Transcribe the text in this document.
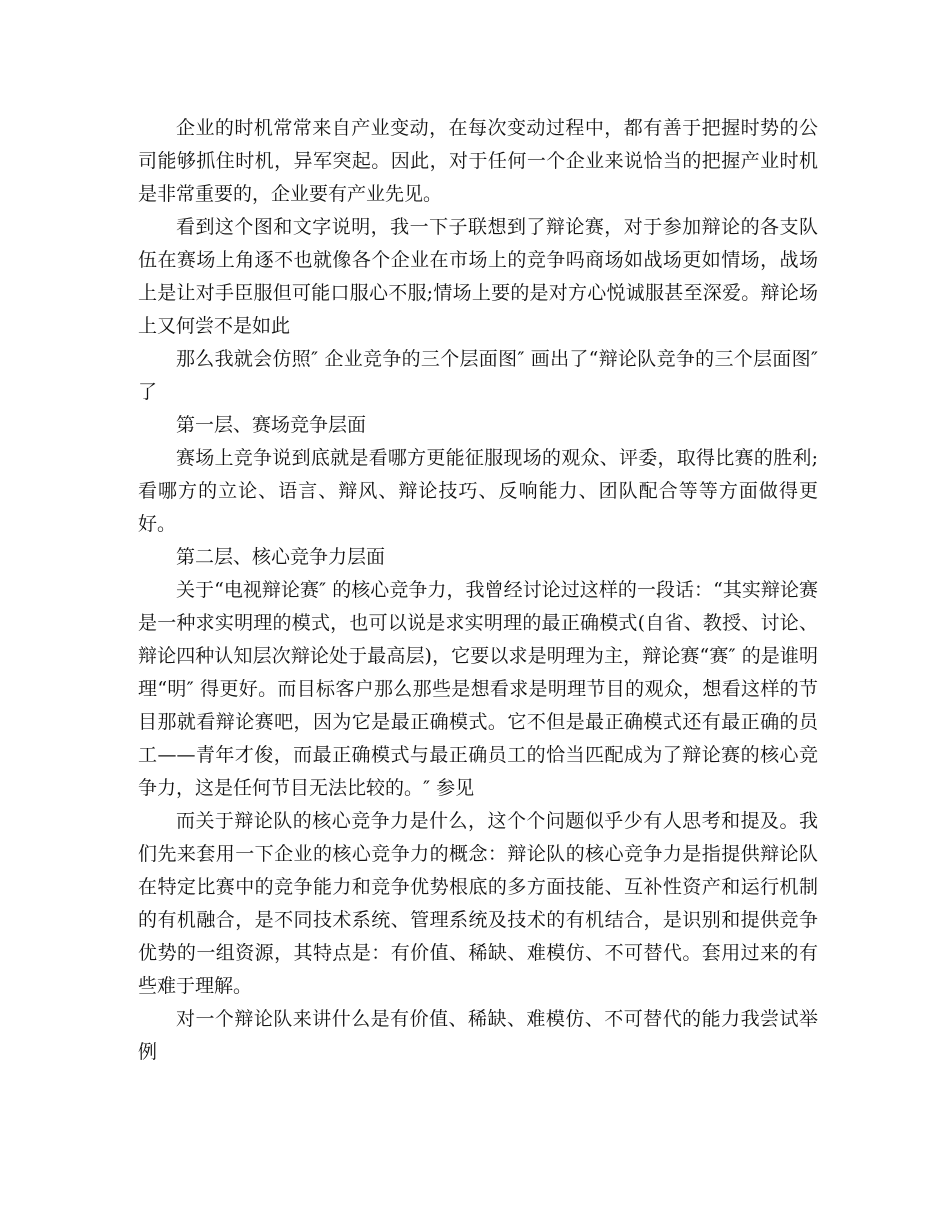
企业的时机常常来自产业变动，在每次变动过程中，都有善于把握时势的公司能够抓住时机，异军突起。因此，对于任何一个企业来说恰当的把握产业时机是非常重要的，企业要有产业先见。

看到这个图和文字说明，我一下子联想到了辩论赛，对于参加辩论的各支队伍在赛场上角逐不也就像各个企业在市场上的竞争吗商场如战场更如情场，战场上是让对手臣服但可能口服心不服;情场上要的是对方心悦诚服甚至深爱。辩论场上又何尝不是如此

那么我就会仿照″ 企业竞争的三个层面图″ 画出了“辩论队竞争的三个层面图″ 了

第一层、赛场竞争层面

赛场上竞争说到底就是看哪方更能征服现场的观众、评委，取得比赛的胜利;看哪方的立论、语言、辩风、辩论技巧、反响能力、团队配合等等方面做得更好。

第二层、核心竞争力层面

关于“电视辩论赛″ 的核心竞争力，我曾经讨论过这样的一段话：“其实辩论赛是一种求实明理的模式，也可以说是求实明理的最正确模式(自省、教授、讨论、辩论四种认知层次辩论处于最高层)，它要以求是明理为主，辩论赛“赛″ 的是谁明理“明″ 得更好。而目标客户那么那些是想看求是明理节目的观众，想看这样的节目那就看辩论赛吧，因为它是最正确模式。它不但是最正确模式还有最正确的员工——青年才俊，而最正确模式与最正确员工的恰当匹配成为了辩论赛的核心竞争力，这是任何节目无法比较的。″ 参见

而关于辩论队的核心竞争力是什么，这个个问题似乎少有人思考和提及。我们先来套用一下企业的核心竞争力的概念：辩论队的核心竞争力是指提供辩论队在特定比赛中的竞争能力和竞争优势根底的多方面技能、互补性资产和运行机制的有机融合，是不同技术系统、管理系统及技术的有机结合，是识别和提供竞争优势的一组资源，其特点是：有价值、稀缺、难模仿、不可替代。套用过来的有些难于理解。

对一个辩论队来讲什么是有价值、稀缺、难模仿、不可替代的能力我尝试举例
